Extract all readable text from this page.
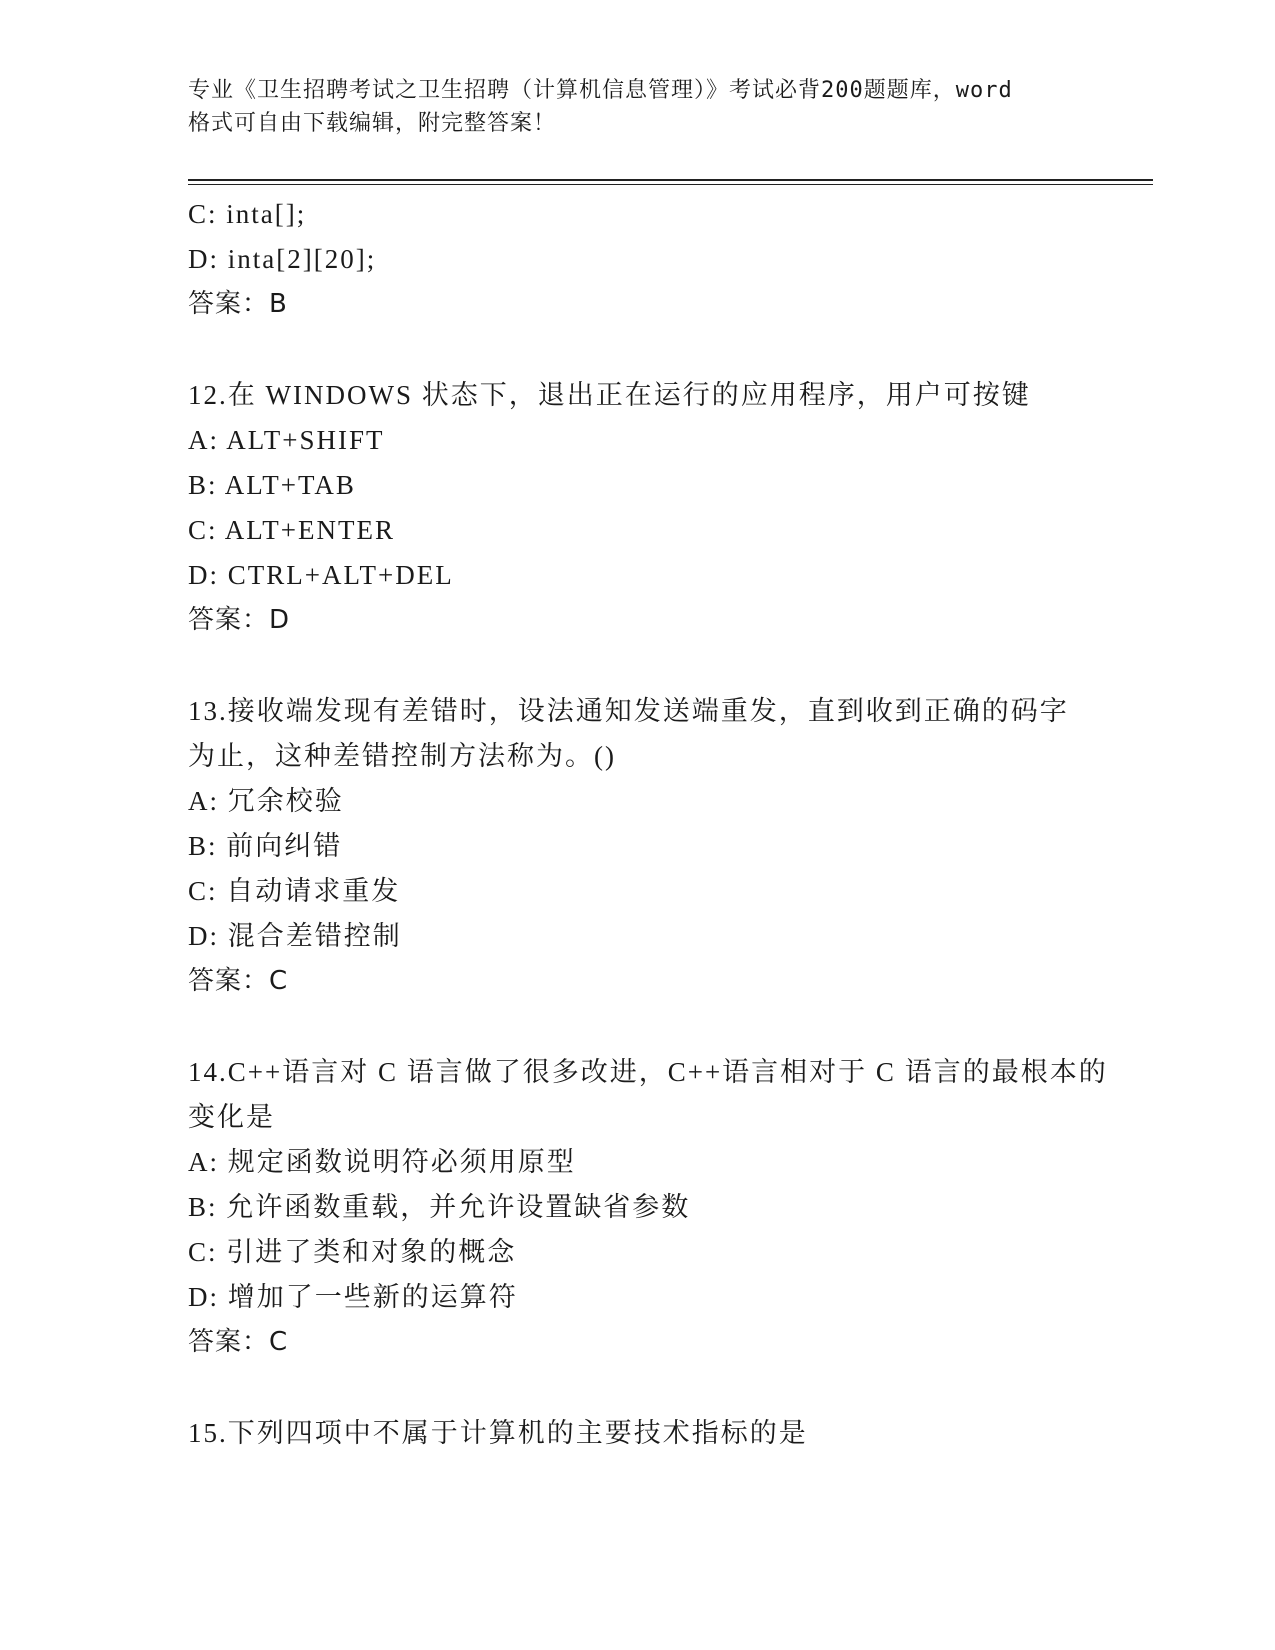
专业《卫生招聘考试之卫生招聘（计算机信息管理）》考试必背200题题库，word
格式可自由下载编辑，附完整答案！
C: inta[];
D: inta[2][20];
答案：B
12.在 WINDOWS 状态下，退出正在运行的应用程序，用户可按键
A: ALT+SHIFT
B: ALT+TAB
C: ALT+ENTER
D: CTRL+ALT+DEL
答案：D
13.接收端发现有差错时，设法通知发送端重发，直到收到正确的码字
为止，这种差错控制方法称为。()
A: 冗余校验
B: 前向纠错
C: 自动请求重发
D: 混合差错控制
答案：C
14.C++语言对 C 语言做了很多改进，C++语言相对于 C 语言的最根本的
变化是
A: 规定函数说明符必须用原型
B: 允许函数重载，并允许设置缺省参数
C: 引进了类和对象的概念
D: 增加了一些新的运算符
答案：C
15.下列四项中不属于计算机的主要技术指标的是
